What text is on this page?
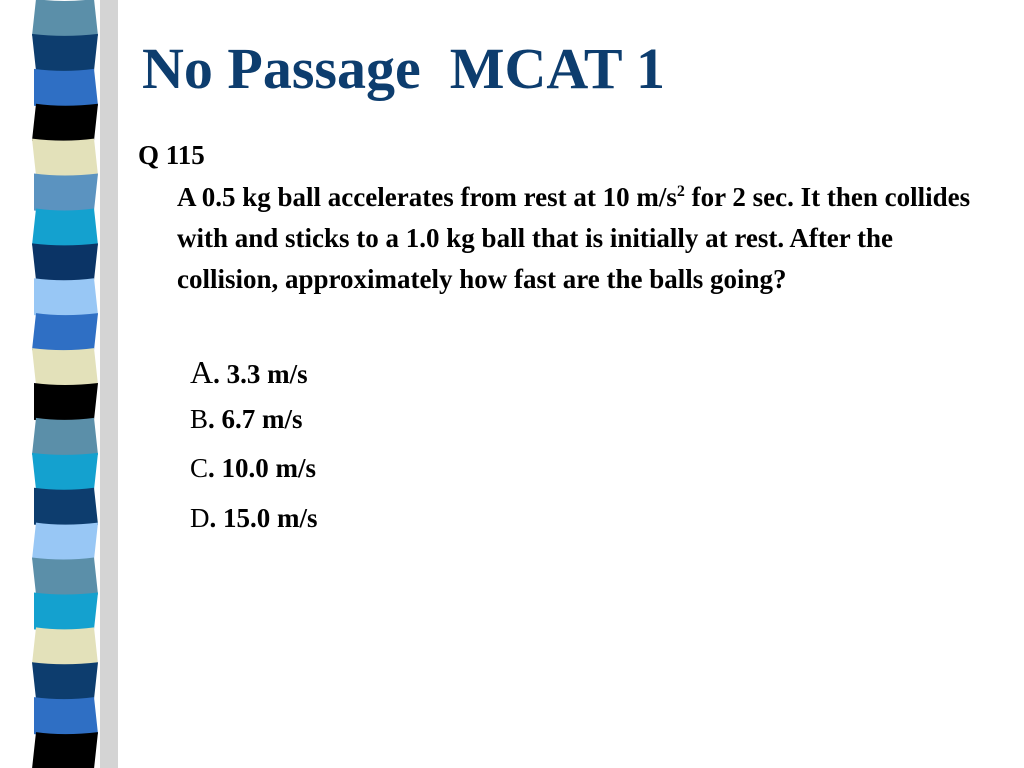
No Passage  MCAT 1
Q 115
A 0.5 kg ball accelerates from rest at 10 $m/s^2$ for 2 sec. It then collides with and sticks to a 1.0 kg ball that is initially at rest. After the collision, approximately how fast are the balls going?
A . 3.3 m/s
B . 6.7 m/s
C . 10.0 m/s
D . 15.0 m/s
